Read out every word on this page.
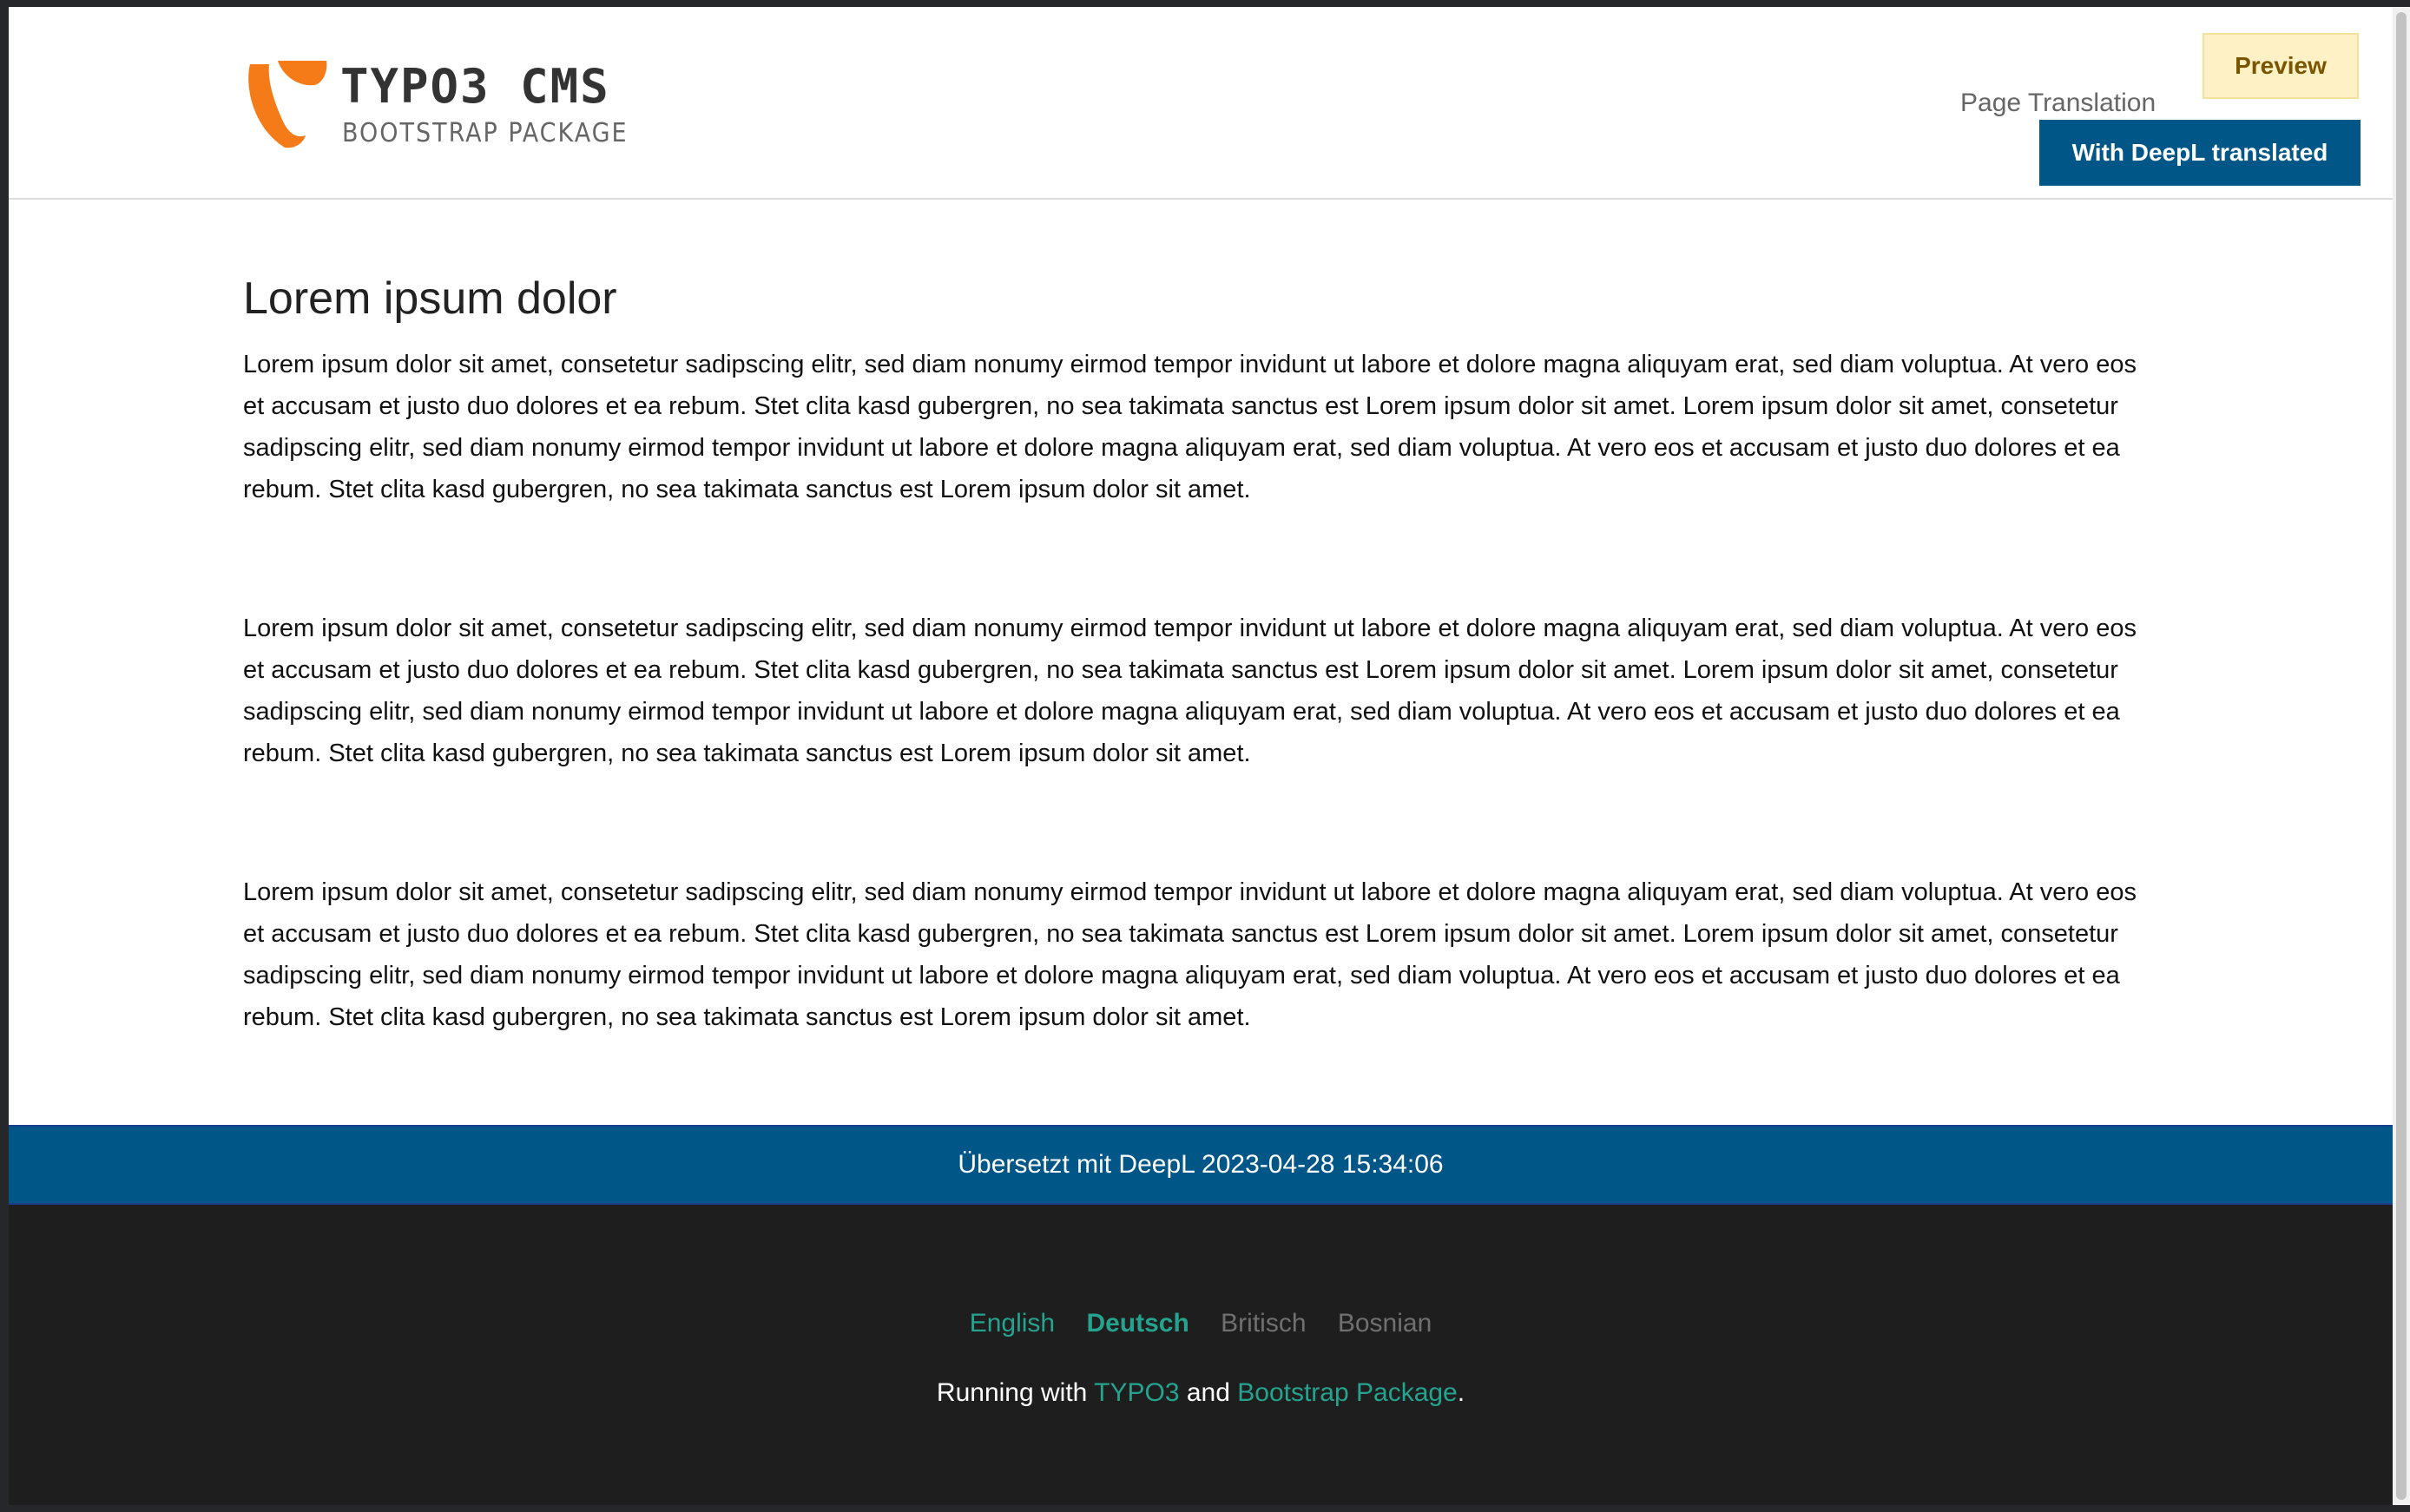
TYPO3 CMS
BOOTSTRAP PACKAGE
Preview
Page Translation
With DeepL translated
Lorem ipsum dolor

Lorem ipsum dolor sit amet, consetetur sadipscing elitr, sed diam nonumy eirmod tempor invidunt ut labore et dolore magna aliquyam erat, sed diam voluptua. At vero eos et accusam et justo duo dolores et ea rebum. Stet clita kasd gubergren, no sea takimata sanctus est Lorem ipsum dolor sit amet. Lorem ipsum dolor sit amet, consetetur sadipscing elitr, sed diam nonumy eirmod tempor invidunt ut labore et dolore magna aliquyam erat, sed diam voluptua. At vero eos et accusam et justo duo dolores et ea rebum. Stet clita kasd gubergren, no sea takimata sanctus est Lorem ipsum dolor sit amet.

Lorem ipsum dolor sit amet, consetetur sadipscing elitr, sed diam nonumy eirmod tempor invidunt ut labore et dolore magna aliquyam erat, sed diam voluptua. At vero eos et accusam et justo duo dolores et ea rebum. Stet clita kasd gubergren, no sea takimata sanctus est Lorem ipsum dolor sit amet. Lorem ipsum dolor sit amet, consetetur sadipscing elitr, sed diam nonumy eirmod tempor invidunt ut labore et dolore magna aliquyam erat, sed diam voluptua. At vero eos et accusam et justo duo dolores et ea rebum. Stet clita kasd gubergren, no sea takimata sanctus est Lorem ipsum dolor sit amet.

Lorem ipsum dolor sit amet, consetetur sadipscing elitr, sed diam nonumy eirmod tempor invidunt ut labore et dolore magna aliquyam erat, sed diam voluptua. At vero eos et accusam et justo duo dolores et ea rebum. Stet clita kasd gubergren, no sea takimata sanctus est Lorem ipsum dolor sit amet. Lorem ipsum dolor sit amet, consetetur sadipscing elitr, sed diam nonumy eirmod tempor invidunt ut labore et dolore magna aliquyam erat, sed diam voluptua. At vero eos et accusam et justo duo dolores et ea rebum. Stet clita kasd gubergren, no sea takimata sanctus est Lorem ipsum dolor sit amet.

Übersetzt mit DeepL 2023-04-28 15:34:06
English Deutsch Britisch Bosnian
Running with TYPO3 and Bootstrap Package.
